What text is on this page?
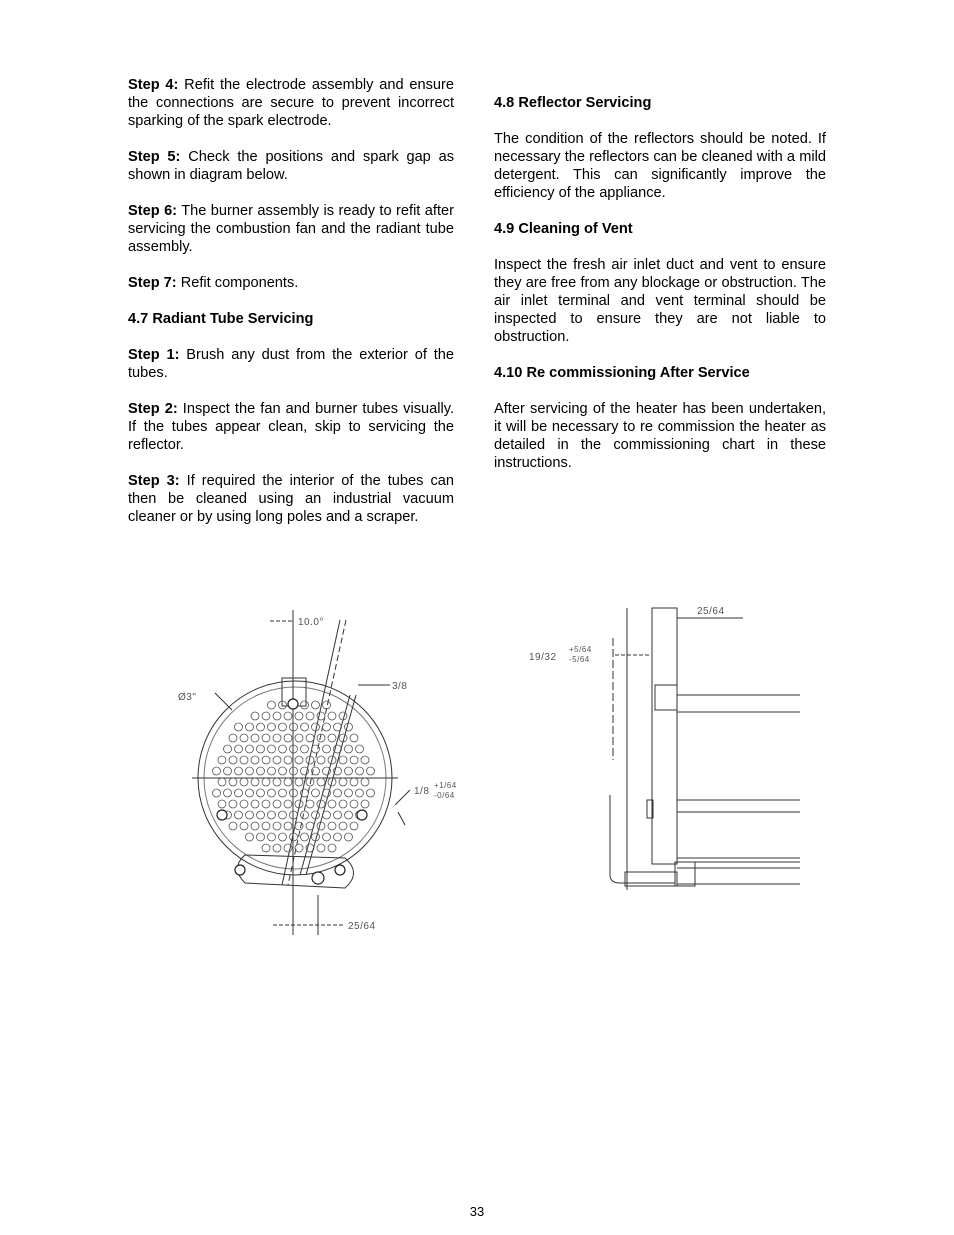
Step 4: Refit the electrode assembly and ensure the connections are secure to prevent incorrect sparking of the spark electrode.

Step 5: Check the positions and spark gap as shown in diagram below.

Step 6: The burner assembly is ready to refit after servicing the combustion fan and the radiant tube assembly.

Step 7: Refit components.

4.7 Radiant Tube Servicing

Step 1: Brush any dust from the exterior of the tubes.

Step 2: Inspect the fan and burner tubes visually. If the tubes appear clean, skip to servicing the reflector.

Step 3: If required the interior of the tubes can then be cleaned using an industrial vacuum cleaner or by using long poles and a scraper.

4.8 Reflector Servicing

The condition of the reflectors should be noted. If necessary the reflectors can be cleaned with a mild detergent. This can significantly improve the efficiency of the appliance.

4.9 Cleaning of Vent

Inspect the fresh air inlet duct and vent to ensure they are free from any blockage or obstruction. The air inlet terminal and vent terminal should be inspected to ensure they are not liable to obstruction.

4.10 Re commissioning After Service

After servicing of the heater has been undertaken, it will be necessary to re commission the heater as detailed in the commissioning chart in these instructions.

10.0°
Ø3"
3/8
1/8
+1/64
-0/64
25/64
25/64
19/32
+5/64
-5/64
33
